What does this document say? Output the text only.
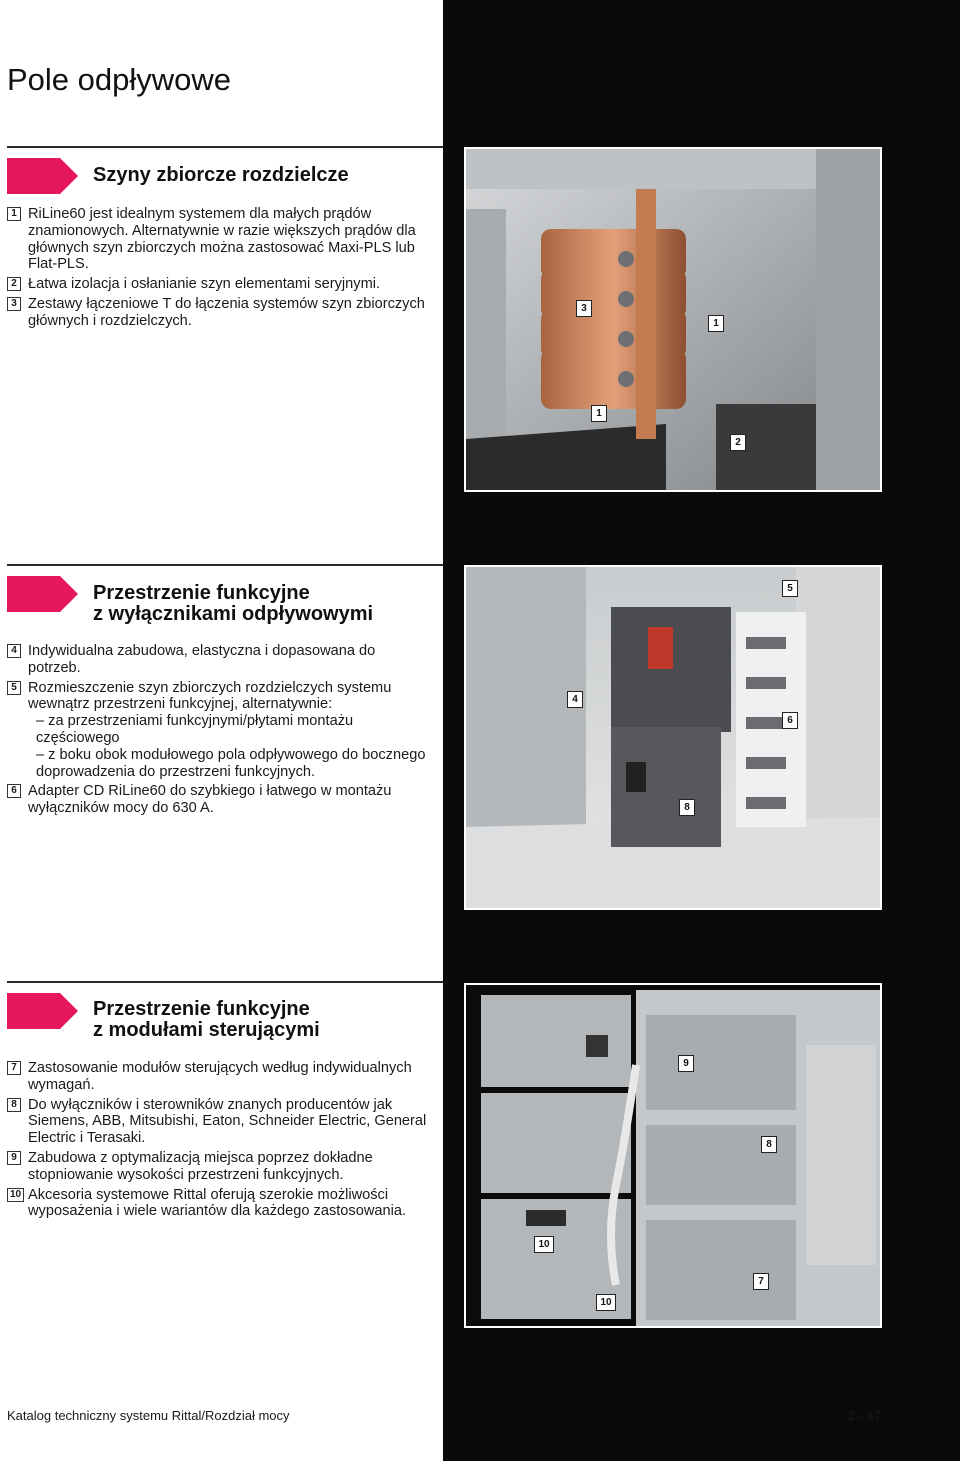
Pole odpływowe
Szyny zbiorcze rozdzielcze
1 RiLine60 jest idealnym systemem dla małych prądów znamionowych. Alternatywnie w razie większych prądów dla głównych szyn zbiorczych można zastosować Maxi-PLS lub Flat-PLS.
2 Łatwa izolacja i osłanianie szyn elementami seryjnymi.
3 Zestawy łączeniowe T do łączenia systemów szyn zbiorczych głównych i rozdzielczych.
3
1
1
2
Przestrzenie funkcyjne
z wyłącznikami odpływowymi
4 Indywidualna zabudowa, elastyczna i dopasowana do potrzeb.
5 Rozmieszczenie szyn zbiorczych rozdzielczych systemu wewnątrz przestrzeni funkcyjnej, alternatywnie:
– za przestrzeniami funkcyjnymi/płytami montażu częściowego
– z boku obok modułowego pola odpływowego do bocznego doprowadzenia do przestrzeni funkcyjnych.
6 Adapter CD RiLine60 do szybkiego i łatwego w montażu wyłączników mocy do 630 A.
5
4
6
8
Przestrzenie funkcyjne
z modułami sterującymi
7 Zastosowanie modułów sterujących według indywidualnych wymagań.
8 Do wyłączników i sterowników znanych producentów jak Siemens, ABB, Mitsubishi, Eaton, Schneider Electric, General Electric i Terasaki.
9 Zabudowa z optymalizacją miejsca poprzez dokładne stopniowanie wysokości przestrzeni funkcyjnych.
10 Akcesoria systemowe Rittal oferują szerokie możliwości wyposażenia i wiele wariantów dla każdego zastosowania.
9
8
10
7
10
Katalog techniczny systemu Rittal/Rozdział mocy	2 - 17
